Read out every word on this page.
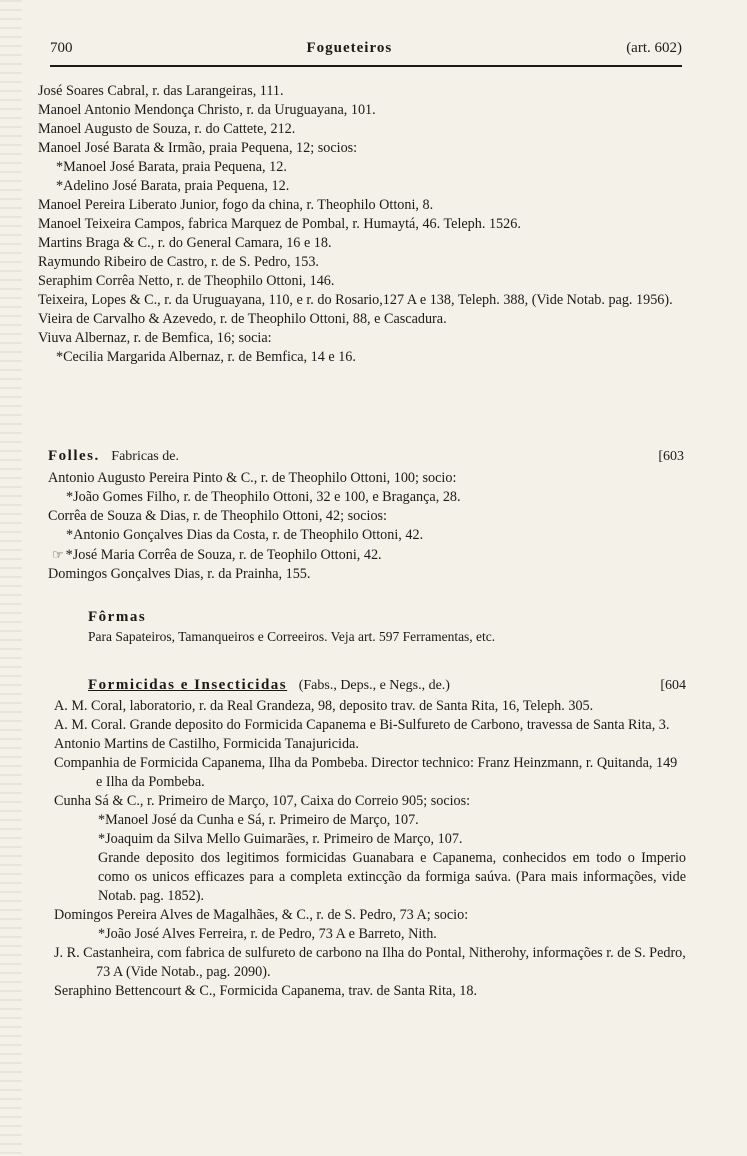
700	Fogueteiros	(art. 602)
José Soares Cabral, r. das Larangeiras, 111.
Manoel Antonio Mendonça Christo, r. da Uruguayana, 101.
Manoel Augusto de Souza, r. do Cattete, 212.
Manoel José Barata & Irmão, praia Pequena, 12; socios:
*Manoel José Barata, praia Pequena, 12.
*Adelino José Barata, praia Pequena, 12.
Manoel Pereira Liberato Junior, fogo da china, r. Theophilo Ottoni, 8.
Manoel Teixeira Campos, fabrica Marquez de Pombal, r. Humaytá, 46. Teleph. 1526.
Martins Braga & C., r. do General Camara, 16 e 18.
Raymundo Ribeiro de Castro, r. de S. Pedro, 153.
Seraphim Corrêa Netto, r. de Theophilo Ottoni, 146.
Teixeira, Lopes & C., r. da Uruguayana, 110, e r. do Rosario,127 A e 138, Teleph. 388, (Vide Notab. pag. 1956).
Vieira de Carvalho & Azevedo, r. de Theophilo Ottoni, 88, e Cascadura.
Viuva Albernaz, r. de Bemfica, 16; socia:
*Cecilia Margarida Albernaz, r. de Bemfica, 14 e 16.
Folles. Fabricas de.	[603
Antonio Augusto Pereira Pinto & C., r. de Theophilo Ottoni, 100; socio:
*João Gomes Filho, r. de Theophilo Ottoni, 32 e 100, e Bragança, 28.
Corrêa de Souza & Dias, r. de Theophilo Ottoni, 42; socios:
*Antonio Gonçalves Dias da Costa, r. de Theophilo Ottoni, 42.
☞ *José Maria Corrêa de Souza, r. de Teophilo Ottoni, 42.
Domingos Gonçalves Dias, r. da Prainha, 155.
Fôrmas
Para Sapateiros, Tamanqueiros e Correeiros. Veja art. 597 Ferramentas, etc.
Formicidas e Insecticidas (Fabs., Deps., e Negs., de.)	[604
A. M. Coral, laboratorio, r. da Real Grandeza, 98, deposito trav. de Santa Rita, 16, Teleph. 305.
A. M. Coral. Grande deposito do Formicida Capanema e Bi-Sulfureto de Carbono, travessa de Santa Rita, 3.
Antonio Martins de Castilho, Formicida Tanajuricida.
Companhia de Formicida Capanema, Ilha da Pombeba. Director technico: Franz Heinzmann, r. Quitanda, 149 e Ilha da Pombeba.
Cunha Sá & C., r. Primeiro de Março, 107, Caixa do Correio 905; socios:
*Manoel José da Cunha e Sá, r. Primeiro de Março, 107.
*Joaquim da Silva Mello Guimarães, r. Primeiro de Março, 107.
Grande deposito dos legitimos formicidas Guanabara e Capanema, conhecidos em todo o Imperio como os unicos efficazes para a completa extincção da formiga saúva. (Para mais informações, vide Notab. pag. 1852).
Domingos Pereira Alves de Magalhães, & C., r. de S. Pedro, 73 A; socio:
*João José Alves Ferreira, r. de Pedro, 73 A e Barreto, Nith.
J. R. Castanheira, com fabrica de sulfureto de carbono na Ilha do Pontal, Nitherohy, informações r. de S. Pedro, 73 A (Vide Notab., pag. 2090).
Seraphino Bettencourt & C., Formicida Capanema, trav. de Santa Rita, 18.
